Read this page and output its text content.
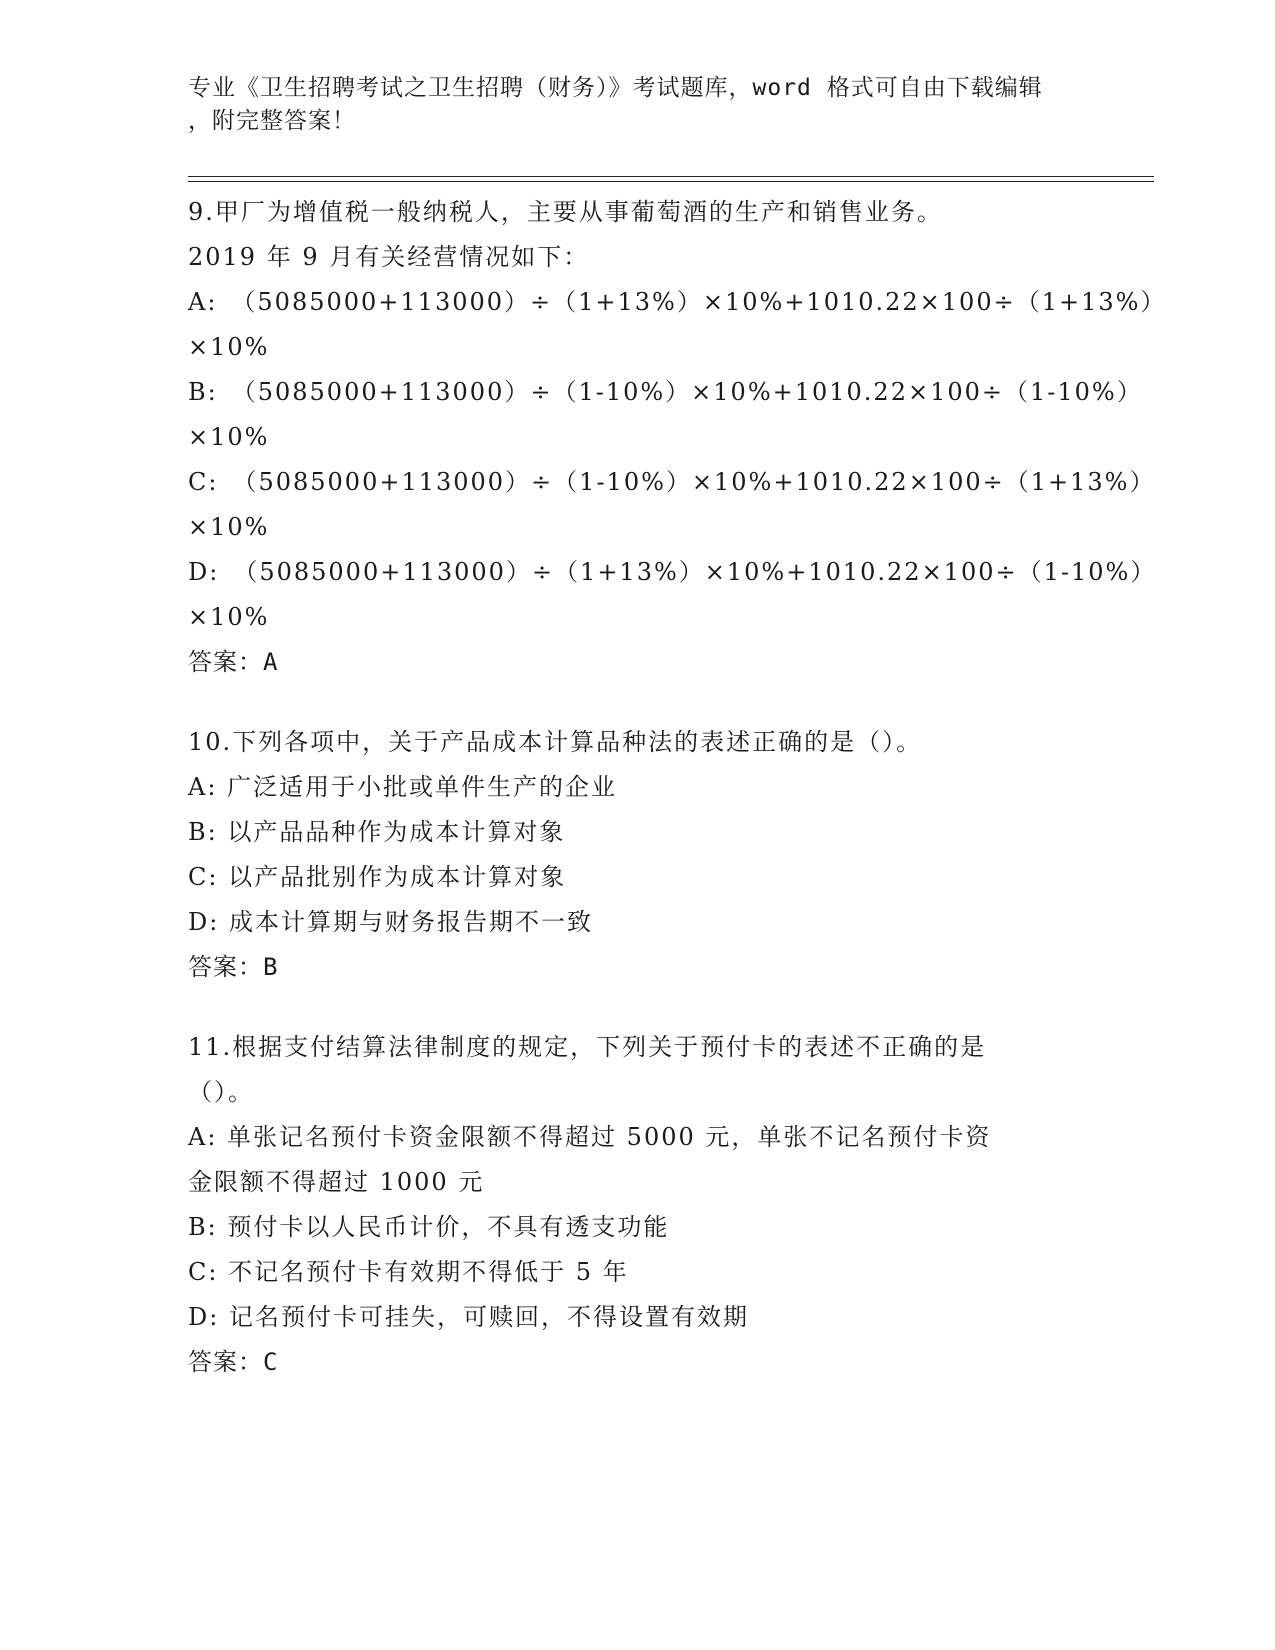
专业《卫生招聘考试之卫生招聘（财务）》考试题库，word 格式可自由下载编辑
，附完整答案！
9.甲厂为增值税一般纳税人，主要从事葡萄酒的生产和销售业务。
2019 年 9 月有关经营情况如下：
A:　（5085000+113000）÷（1+13%）×10%+1010.22×100÷（1+13%）
×10%
B:　（5085000+113000）÷（1-10%）×10%+1010.22×100÷（1-10%）
×10%
C:　（5085000+113000）÷（1-10%）×10%+1010.22×100÷（1+13%）
×10%
D:　（5085000+113000）÷（1+13%）×10%+1010.22×100÷（1-10%）
×10%
答案：A
10.下列各项中，关于产品成本计算品种法的表述正确的是（）。
A: 广泛适用于小批或单件生产的企业
B: 以产品品种作为成本计算对象
C: 以产品批别作为成本计算对象
D: 成本计算期与财务报告期不一致
答案：B
11.根据支付结算法律制度的规定，下列关于预付卡的表述不正确的是
（）。
A: 单张记名预付卡资金限额不得超过 5000 元，单张不记名预付卡资
金限额不得超过 1000 元
B: 预付卡以人民币计价，不具有透支功能
C: 不记名预付卡有效期不得低于 5 年
D: 记名预付卡可挂失，可赎回，不得设置有效期
答案：C
